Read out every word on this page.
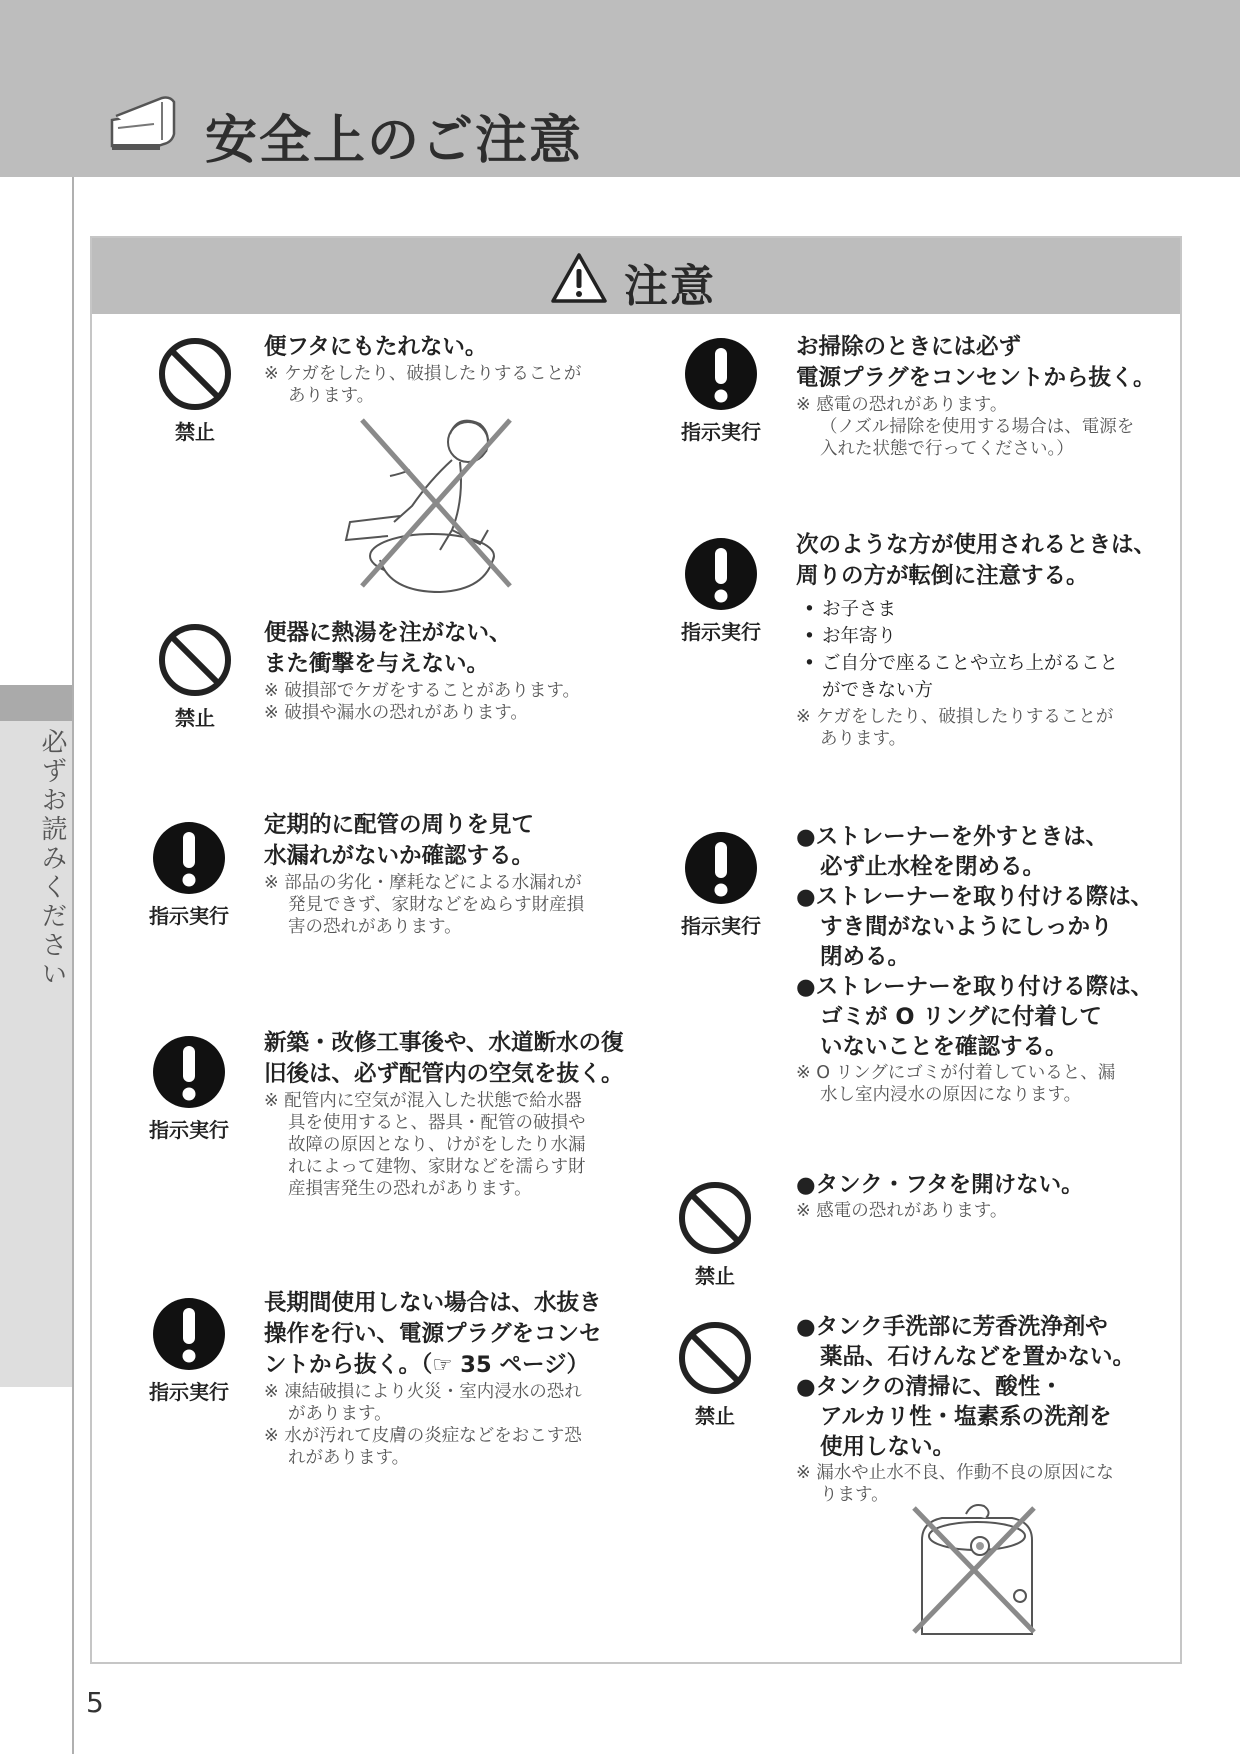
安全上のご注意
必ずお読みください
5
注意
禁止
便フタにもたれない。
※ ケガをしたり、破損したりすることが
あります。
禁止
便器に熱湯を注がない、
また衝撃を与えない。
※ 破損部でケガをすることがあります。
※ 破損や漏水の恐れがあります。
指示実行
定期的に配管の周りを見て
水漏れがないか確認する。
※ 部品の劣化・摩耗などによる水漏れが
発見できず、家財などをぬらす財産損
害の恐れがあります。
指示実行
新築・改修工事後や、水道断水の復
旧後は、必ず配管内の空気を抜く。
※ 配管内に空気が混入した状態で給水器
具を使用すると、器具・配管の破損や
故障の原因となり、けがをしたり水漏
れによって建物、家財などを濡らす財
産損害発生の恐れがあります。
指示実行
長期間使用しない場合は、水抜き
操作を行い、電源プラグをコンセ
ントから抜く。（☞ 35 ページ）
※ 凍結破損により火災・室内浸水の恐れ
があります。
※ 水が汚れて皮膚の炎症などをおこす恐
れがあります。
指示実行
お掃除のときには必ず
電源プラグをコンセントから抜く。
※ 感電の恐れがあります。
（ノズル掃除を使用する場合は、電源を
入れた状態で行ってください。）
指示実行
次のような方が使用されるときは、
周りの方が転倒に注意する。
• お子さま
• お年寄り
• ご自分で座ることや立ち上がること
ができない方
※ ケガをしたり、破損したりすることが
あります。
指示実行
●ストレーナーを外すときは、
必ず止水栓を閉める。
●ストレーナーを取り付ける際は、
すき間がないようにしっかり
閉める。
●ストレーナーを取り付ける際は、
ゴミが O リングに付着して
いないことを確認する。
※ O リングにゴミが付着していると、漏
水し室内浸水の原因になります。
禁止
●タンク・フタを開けない。
※ 感電の恐れがあります。
禁止
●タンク手洗部に芳香洗浄剤や
薬品、石けんなどを置かない。
●タンクの清掃に、酸性・
アルカリ性・塩素系の洗剤を
使用しない。
※ 漏水や止水不良、作動不良の原因にな
ります。
